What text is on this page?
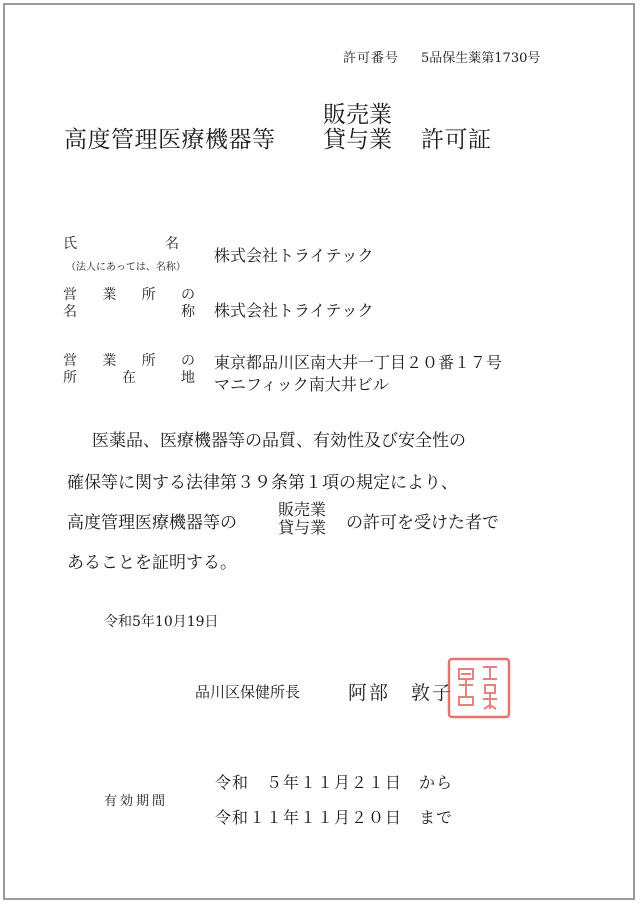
許可番号 5品保生薬第1730号
高度管理医療機器等
販売業
貸与業 許可証
氏	名
（法人にあっては、名称）
株式会社トライテック
営 業 所 の
名	称 株式会社トライテック
営 業 所 の
所	在	地
東京都品川区南大井一丁目２０番１７号
マニフィック南大井ビル
医薬品、医療機器等の品質、有効性及び安全性の
確保等に関する法律第３９条第１項の規定により、
高度管理医療機器等の
販売業
貸与業 の許可を受けた者で
あることを証明する。
令和5年10月19日
品川区保健所長	阿部　敦子
有効期間
令和　５年１１月２１日　から
令和１１年１１月２０日　まで
